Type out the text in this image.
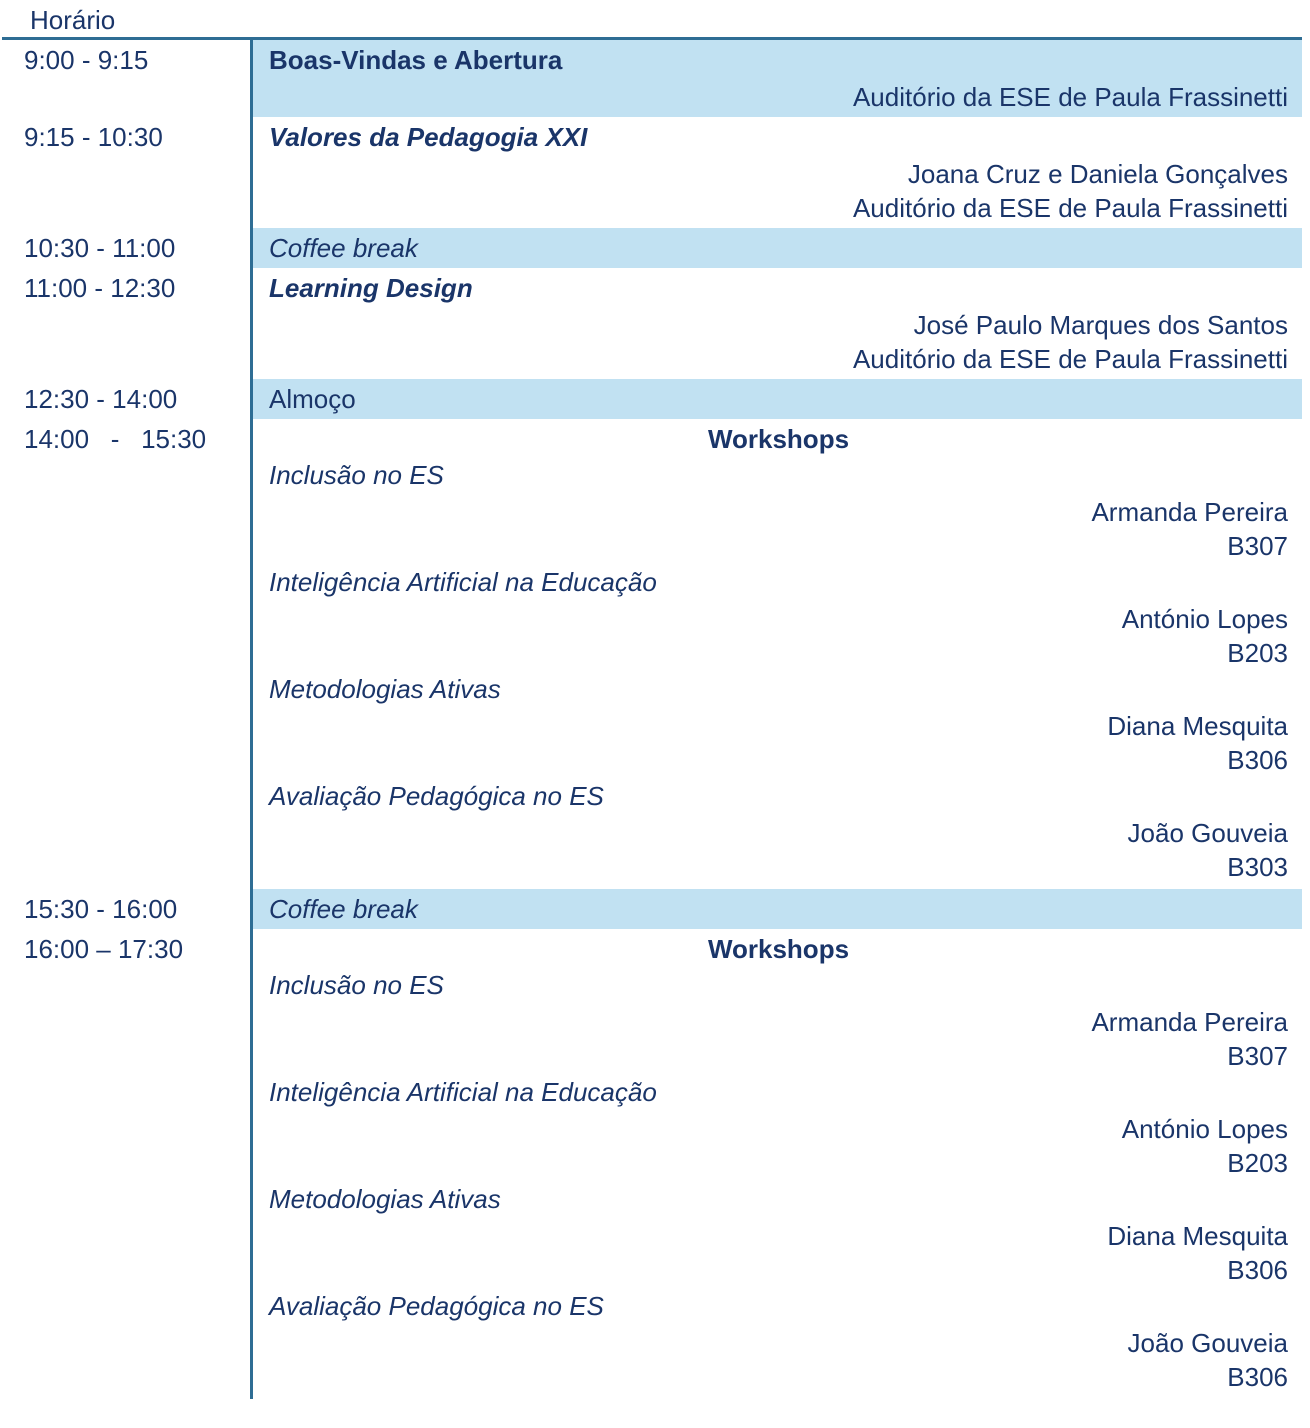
Horário
9:00 - 9:15	Boas-Vindas e Abertura
Auditório da ESE de Paula Frassinetti
9:15 - 10:30	Valores da Pedagogia XXI
Joana Cruz e Daniela Gonçalves
Auditório da ESE de Paula Frassinetti
10:30 - 11:00	Coffee break
11:00 - 12:30	Learning Design
José Paulo Marques dos Santos
Auditório da ESE de Paula Frassinetti
12:30 - 14:00	Almoço
14:00   -   15:30	Workshops
Inclusão no ES
Armanda Pereira
B307
Inteligência Artificial na Educação
António Lopes
B203
Metodologias Ativas
Diana Mesquita
B306
Avaliação Pedagógica no ES
João Gouveia
B303
15:30 - 16:00	Coffee break
16:00 – 17:30	Workshops
Inclusão no ES
Armanda Pereira
B307
Inteligência Artificial na Educação
António Lopes
B203
Metodologias Ativas
Diana Mesquita
B306
Avaliação Pedagógica no ES
João Gouveia
B306
